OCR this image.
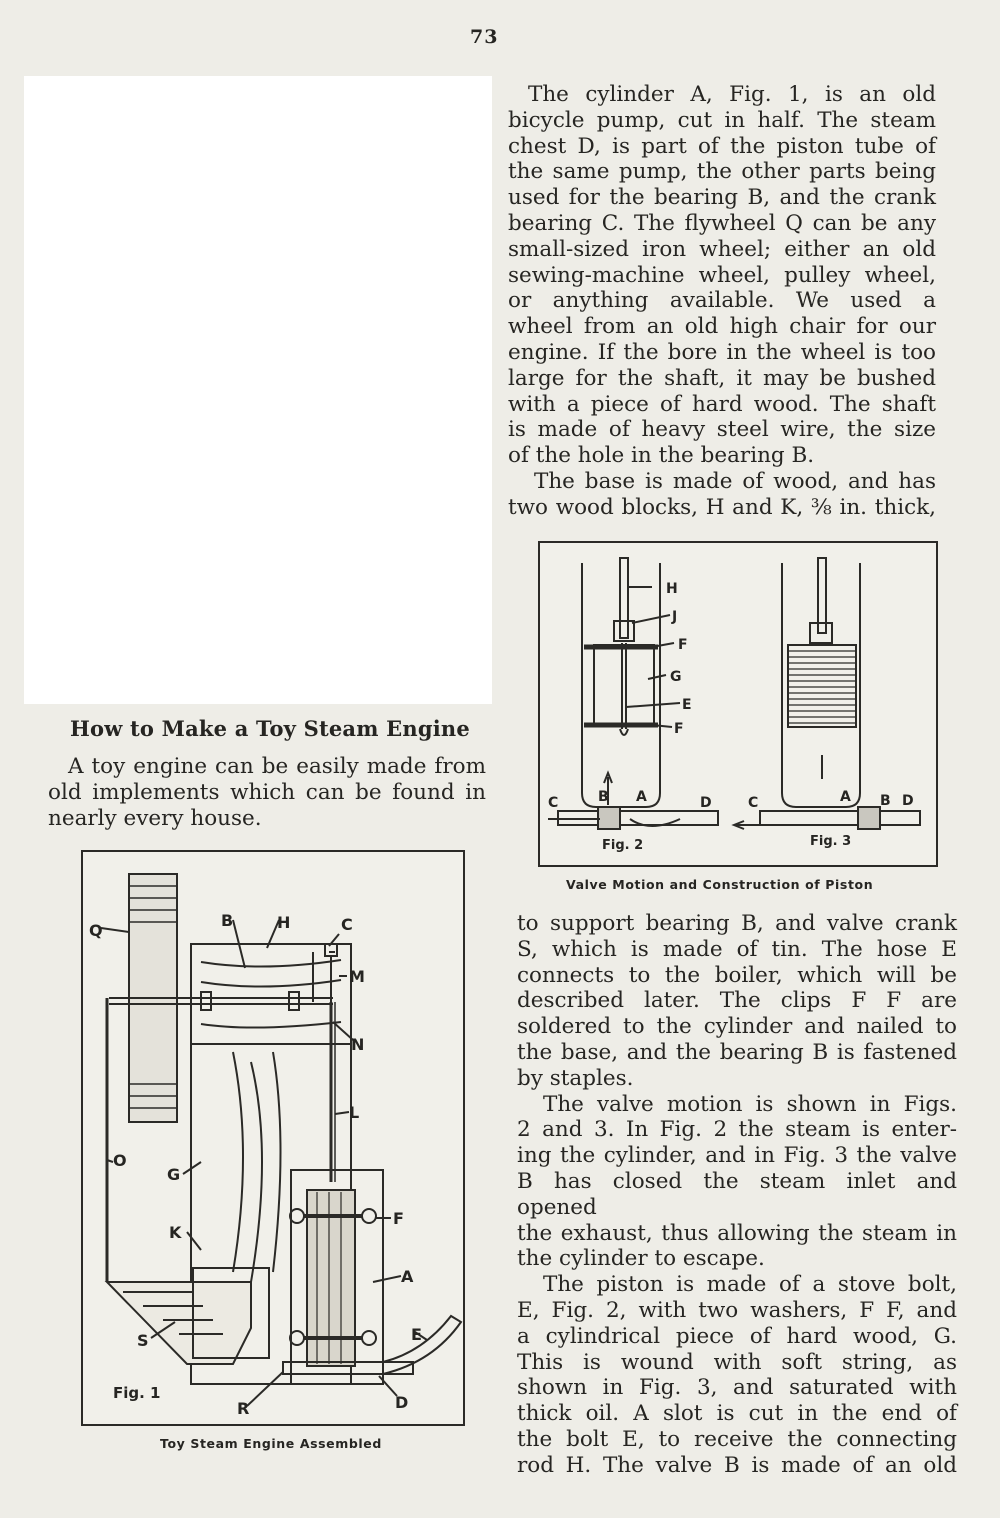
73
The cylinder A, Fig. 1, is an old
bicycle pump, cut in half. The steam
chest D, is part of the piston tube of
the same pump, the other parts being
used for the bearing B, and the crank
bearing C. The flywheel Q can be any
small-sized iron wheel; either an old
sewing-machine wheel, pulley wheel,
or anything available. We used a
wheel from an old high chair for our
engine. If the bore in the wheel is too
large for the shaft, it may be bushed
with a piece of hard wood. The shaft
is made of heavy steel wire, the size
of the hole in the bearing B.
The base is made of wood, and has
two wood blocks, H and K, ⅜ in. thick,
H
J
F
G
E
F
C	B A	D	C	A B D
Fig. 2	Fig. 3
Valve Motion and Construction of Piston
to support bearing B, and valve crank
S, which is made of tin. The hose E
connects to the boiler, which will be
described later. The clips F F are
soldered to the cylinder and nailed to
the base, and the bearing B is fastened
by staples.
The valve motion is shown in Figs.
2 and 3. In Fig. 2 the steam is enter-
ing the cylinder, and in Fig. 3 the valve
B has closed the steam inlet and opened
the exhaust, thus allowing the steam in
the cylinder to escape.
The piston is made of a stove bolt,
E, Fig. 2, with two washers, F F, and
a cylindrical piece of hard wood, G.
This is wound with soft string, as
shown in Fig. 3, and saturated with
thick oil. A slot is cut in the end of
the bolt E, to receive the connecting
rod H. The valve B is made of an old
How to Make a Toy Steam Engine
A toy engine can be easily made from
old implements which can be found in
nearly every house.
Q
B	H	C
M
N
L
O
G
F
K
A
S	E
R	D
Fig. 1
Toy Steam Engine Assembled
